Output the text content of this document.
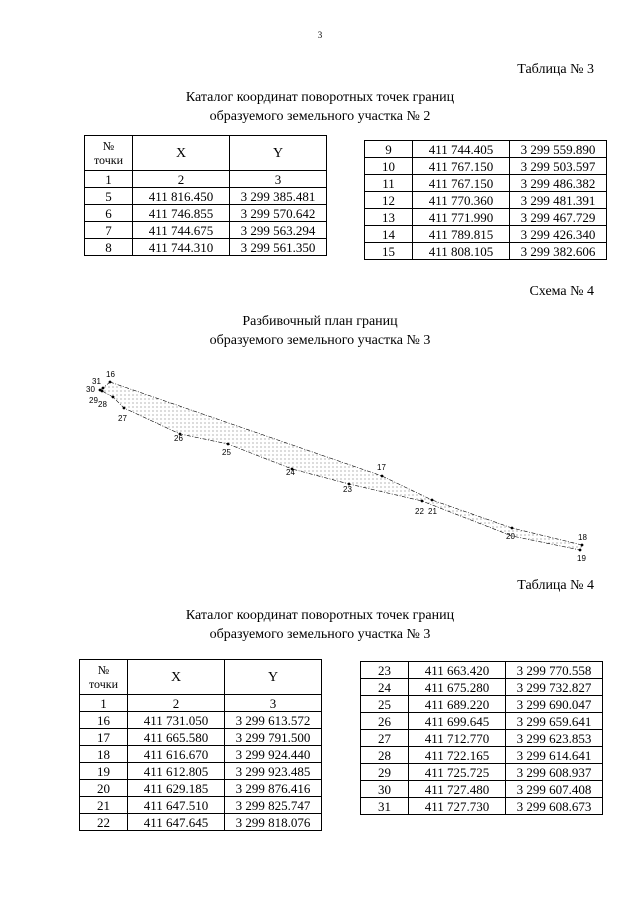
3
Таблица № 3
Каталог координат поворотных точек границ
образуемого земельного участка № 2
№
точки	X	Y
1	2	3
5	411 816.450	3 299 385.481
6	411 746.855	3 299 570.642
7	411 744.675	3 299 563.294
8	411 744.310	3 299 561.350
9	411 744.405	3 299 559.890
10	411 767.150	3 299 503.597
11	411 767.150	3 299 486.382
12	411 770.360	3 299 481.391
13	411 771.990	3 299 467.729
14	411 789.815	3 299 426.340
15	411 808.105	3 299 382.606
Схема № 4
Разбивочный план границ
образуемого земельного участка № 3
16
17
18
19
20
21
22
23
24
25
26
27
28
29
30
31
Таблица № 4
Каталог координат поворотных точек границ
образуемого земельного участка № 3
№
точки	X	Y
1	2	3
16	411 731.050	3 299 613.572
17	411 665.580	3 299 791.500
18	411 616.670	3 299 924.440
19	411 612.805	3 299 923.485
20	411 629.185	3 299 876.416
21	411 647.510	3 299 825.747
22	411 647.645	3 299 818.076
23	411 663.420	3 299 770.558
24	411 675.280	3 299 732.827
25	411 689.220	3 299 690.047
26	411 699.645	3 299 659.641
27	411 712.770	3 299 623.853
28	411 722.165	3 299 614.641
29	411 725.725	3 299 608.937
30	411 727.480	3 299 607.408
31	411 727.730	3 299 608.673
